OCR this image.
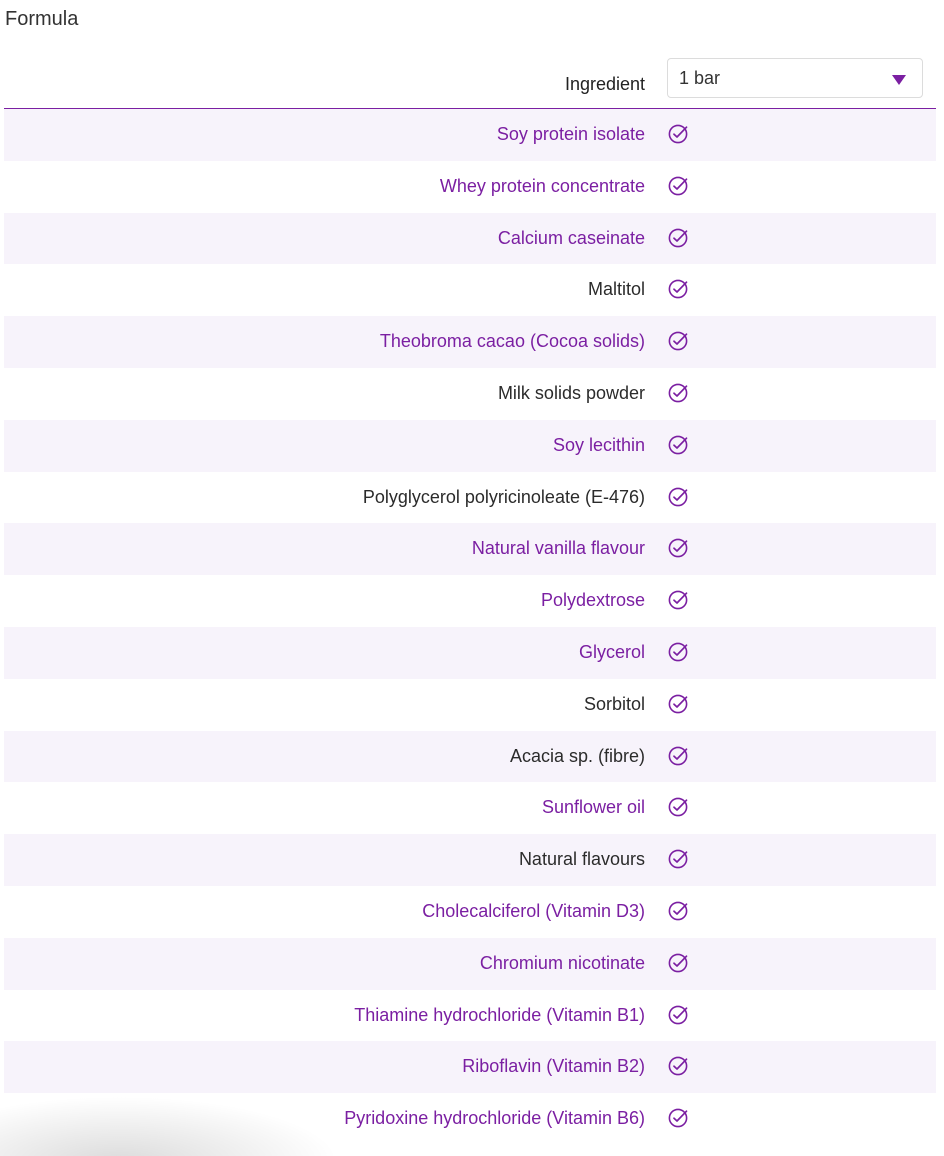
Formula
Ingredient 1 bar
Soy protein isolate
Whey protein concentrate
Calcium caseinate
Maltitol
Theobroma cacao (Cocoa solids)
Milk solids powder
Soy lecithin
Polyglycerol polyricinoleate (E-476)
Natural vanilla flavour
Polydextrose
Glycerol
Sorbitol
Acacia sp. (fibre)
Sunflower oil
Natural flavours
Cholecalciferol (Vitamin D3)
Chromium nicotinate
Thiamine hydrochloride (Vitamin B1)
Riboflavin (Vitamin B2)
Pyridoxine hydrochloride (Vitamin B6)
